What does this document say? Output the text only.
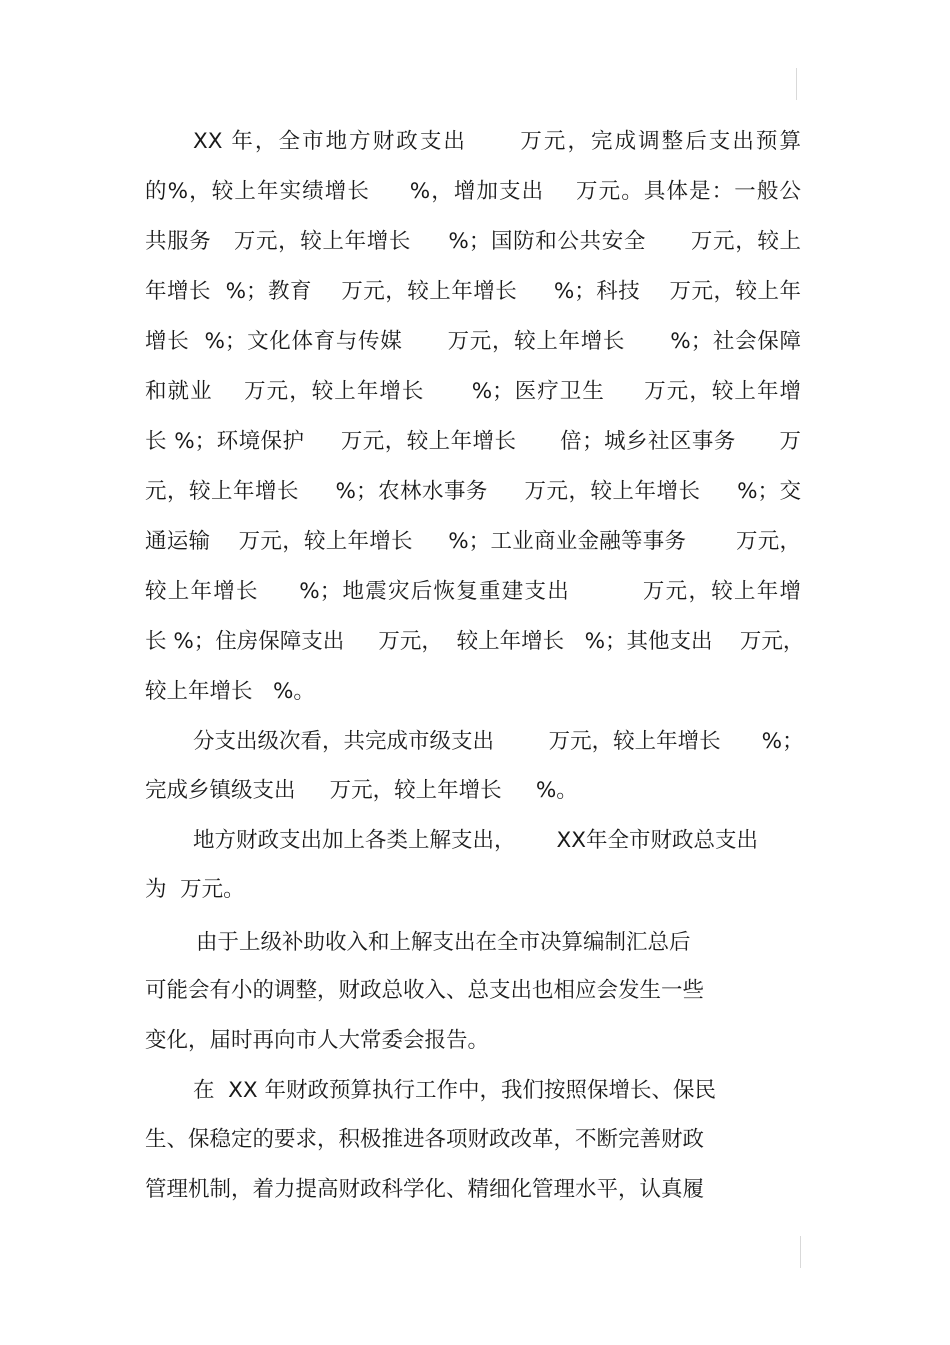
XX 年，全市地方财政支出      万元，完成调整后支出预算
的%，较上年实绩增长     %，增加支出    万元。具体是：一般公
共服务   万元，较上年增长     %；国防和公共安全      万元，较上
年增长  %；教育    万元，较上年增长     %；科技    万元，较上年
增长  %；文化体育与传媒      万元，较上年增长      %；社会保障
和就业    万元，较上年增长      %；医疗卫生     万元，较上年增
长 %；环境保护     万元，较上年增长      倍；城乡社区事务      万
元，较上年增长     %；农林水事务     万元，较上年增长     %；交
通运输    万元，较上年增长     %；工业商业金融等事务       万元，
较上年增长     %；地震灾后恢复重建支出         万元，较上年增
长 %；住房保障支出     万元，  较上年增长   %；其他支出    万元，
较上年增长   %。
分支出级次看，共完成市级支出        万元，较上年增长      %；
完成乡镇级支出     万元，较上年增长     %。
地方财政支出加上各类上解支出，      XX年全市财政总支出
为  万元。
由于上级补助收入和上解支出在全市决算编制汇总后
可能会有小的调整，财政总收入、总支出也相应会发生一些
变化，届时再向市人大常委会报告。
在  XX 年财政预算执行工作中，我们按照保增长、保民
生、保稳定的要求，积极推进各项财政改革，不断完善财政
管理机制，着力提高财政科学化、精细化管理水平，认真履
